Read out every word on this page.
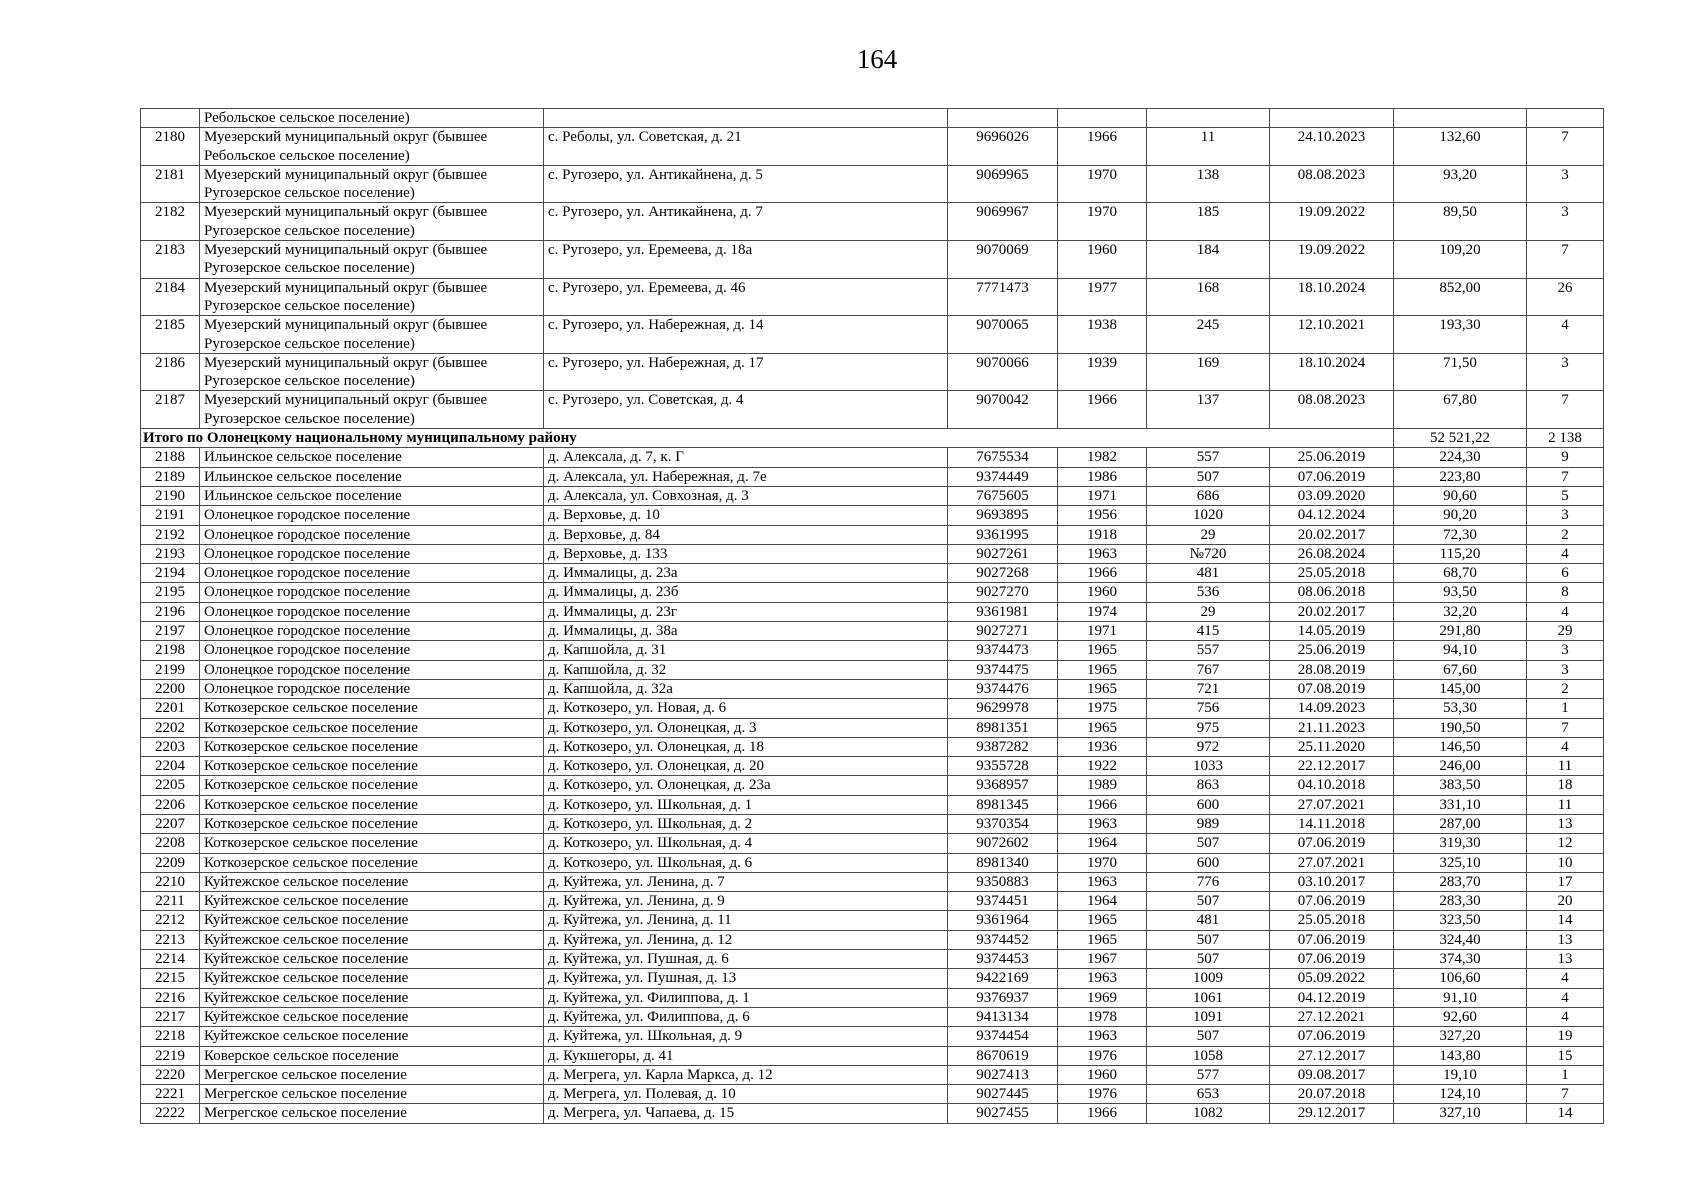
164
	Ребольское сельское поселение)							
2180	Муезерский муниципальный округ (бывшее
Ребольское сельское поселение)	с. Реболы, ул. Советская, д. 21	9696026	1966	11	24.10.2023	132,60	7
2181	Муезерский муниципальный округ (бывшее
Ругозерское сельское поселение)	с. Ругозеро, ул. Антикайнена, д. 5	9069965	1970	138	08.08.2023	93,20	3
2182	Муезерский муниципальный округ (бывшее
Ругозерское сельское поселение)	с. Ругозеро, ул. Антикайнена, д. 7	9069967	1970	185	19.09.2022	89,50	3
2183	Муезерский муниципальный округ (бывшее
Ругозерское сельское поселение)	с. Ругозеро, ул. Еремеева, д. 18а	9070069	1960	184	19.09.2022	109,20	7
2184	Муезерский муниципальный округ (бывшее
Ругозерское сельское поселение)	с. Ругозеро, ул. Еремеева, д. 46	7771473	1977	168	18.10.2024	852,00	26
2185	Муезерский муниципальный округ (бывшее
Ругозерское сельское поселение)	с. Ругозеро, ул. Набережная, д. 14	9070065	1938	245	12.10.2021	193,30	4
2186	Муезерский муниципальный округ (бывшее
Ругозерское сельское поселение)	с. Ругозеро, ул. Набережная, д. 17	9070066	1939	169	18.10.2024	71,50	3
2187	Муезерский муниципальный округ (бывшее
Ругозерское сельское поселение)	с. Ругозеро, ул. Советская, д. 4	9070042	1966	137	08.08.2023	67,80	7
Итого по Олонецкому национальному муниципальному району							52 521,22	2 138
2188	Ильинское сельское поселение	д. Алексала, д. 7, к. Г	7675534	1982	557	25.06.2019	224,30	9
2189	Ильинское сельское поселение	д. Алексала, ул. Набережная, д. 7е	9374449	1986	507	07.06.2019	223,80	7
2190	Ильинское сельское поселение	д. Алексала, ул. Совхозная, д. 3	7675605	1971	686	03.09.2020	90,60	5
2191	Олонецкое городское поселение	д. Верховье, д. 10	9693895	1956	1020	04.12.2024	90,20	3
2192	Олонецкое городское поселение	д. Верховье, д. 84	9361995	1918	29	20.02.2017	72,30	2
2193	Олонецкое городское поселение	д. Верховье, д. 133	9027261	1963	№720	26.08.2024	115,20	4
2194	Олонецкое городское поселение	д. Иммалицы, д. 23а	9027268	1966	481	25.05.2018	68,70	6
2195	Олонецкое городское поселение	д. Иммалицы, д. 23б	9027270	1960	536	08.06.2018	93,50	8
2196	Олонецкое городское поселение	д. Иммалицы, д. 23г	9361981	1974	29	20.02.2017	32,20	4
2197	Олонецкое городское поселение	д. Иммалицы, д. 38а	9027271	1971	415	14.05.2019	291,80	29
2198	Олонецкое городское поселение	д. Капшойла, д. 31	9374473	1965	557	25.06.2019	94,10	3
2199	Олонецкое городское поселение	д. Капшойла, д. 32	9374475	1965	767	28.08.2019	67,60	3
2200	Олонецкое городское поселение	д. Капшойла, д. 32а	9374476	1965	721	07.08.2019	145,00	2
2201	Коткозерское сельское поселение	д. Коткозеро, ул. Новая, д. 6	9629978	1975	756	14.09.2023	53,30	1
2202	Коткозерское сельское поселение	д. Коткозеро, ул. Олонецкая, д. 3	8981351	1965	975	21.11.2023	190,50	7
2203	Коткозерское сельское поселение	д. Коткозеро, ул. Олонецкая, д. 18	9387282	1936	972	25.11.2020	146,50	4
2204	Коткозерское сельское поселение	д. Коткозеро, ул. Олонецкая, д. 20	9355728	1922	1033	22.12.2017	246,00	11
2205	Коткозерское сельское поселение	д. Коткозеро, ул. Олонецкая, д. 23а	9368957	1989	863	04.10.2018	383,50	18
2206	Коткозерское сельское поселение	д. Коткозеро, ул. Школьная, д. 1	8981345	1966	600	27.07.2021	331,10	11
2207	Коткозерское сельское поселение	д. Коткозеро, ул. Школьная, д. 2	9370354	1963	989	14.11.2018	287,00	13
2208	Коткозерское сельское поселение	д. Коткозеро, ул. Школьная, д. 4	9072602	1964	507	07.06.2019	319,30	12
2209	Коткозерское сельское поселение	д. Коткозеро, ул. Школьная, д. 6	8981340	1970	600	27.07.2021	325,10	10
2210	Куйтежское сельское поселение	д. Куйтежа, ул. Ленина, д. 7	9350883	1963	776	03.10.2017	283,70	17
2211	Куйтежское сельское поселение	д. Куйтежа, ул. Ленина, д. 9	9374451	1964	507	07.06.2019	283,30	20
2212	Куйтежское сельское поселение	д. Куйтежа, ул. Ленина, д. 11	9361964	1965	481	25.05.2018	323,50	14
2213	Куйтежское сельское поселение	д. Куйтежа, ул. Ленина, д. 12	9374452	1965	507	07.06.2019	324,40	13
2214	Куйтежское сельское поселение	д. Куйтежа, ул. Пушная, д. 6	9374453	1967	507	07.06.2019	374,30	13
2215	Куйтежское сельское поселение	д. Куйтежа, ул. Пушная, д. 13	9422169	1963	1009	05.09.2022	106,60	4
2216	Куйтежское сельское поселение	д. Куйтежа, ул. Филиппова, д. 1	9376937	1969	1061	04.12.2019	91,10	4
2217	Куйтежское сельское поселение	д. Куйтежа, ул. Филиппова, д. 6	9413134	1978	1091	27.12.2021	92,60	4
2218	Куйтежское сельское поселение	д. Куйтежа, ул. Школьная, д. 9	9374454	1963	507	07.06.2019	327,20	19
2219	Коверское сельское поселение	д. Кукшегоры, д. 41	8670619	1976	1058	27.12.2017	143,80	15
2220	Мегрегское сельское поселение	д. Мегрега, ул. Карла Маркса, д. 12	9027413	1960	577	09.08.2017	19,10	1
2221	Мегрегское сельское поселение	д. Мегрега, ул. Полевая, д. 10	9027445	1976	653	20.07.2018	124,10	7
2222	Мегрегское сельское поселение	д. Мегрега, ул. Чапаева, д. 15	9027455	1966	1082	29.12.2017	327,10	14
